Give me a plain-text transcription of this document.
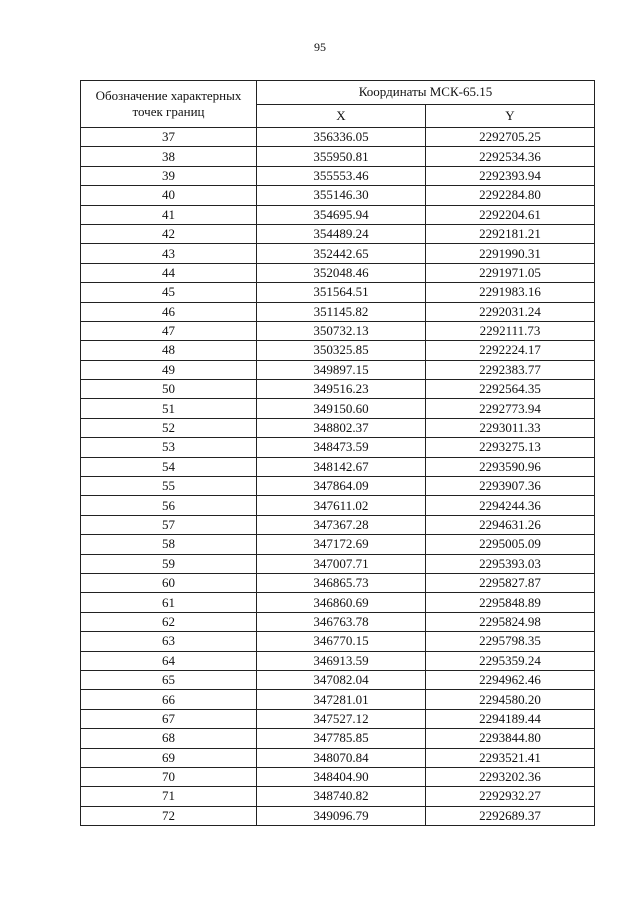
95
Обозначение характерных точек границ	Координаты МСК-65.15	
	X	Y
37	356336.05	2292705.25
38	355950.81	2292534.36
39	355553.46	2292393.94
40	355146.30	2292284.80
41	354695.94	2292204.61
42	354489.24	2292181.21
43	352442.65	2291990.31
44	352048.46	2291971.05
45	351564.51	2291983.16
46	351145.82	2292031.24
47	350732.13	2292111.73
48	350325.85	2292224.17
49	349897.15	2292383.77
50	349516.23	2292564.35
51	349150.60	2292773.94
52	348802.37	2293011.33
53	348473.59	2293275.13
54	348142.67	2293590.96
55	347864.09	2293907.36
56	347611.02	2294244.36
57	347367.28	2294631.26
58	347172.69	2295005.09
59	347007.71	2295393.03
60	346865.73	2295827.87
61	346860.69	2295848.89
62	346763.78	2295824.98
63	346770.15	2295798.35
64	346913.59	2295359.24
65	347082.04	2294962.46
66	347281.01	2294580.20
67	347527.12	2294189.44
68	347785.85	2293844.80
69	348070.84	2293521.41
70	348404.90	2293202.36
71	348740.82	2292932.27
72	349096.79	2292689.37
